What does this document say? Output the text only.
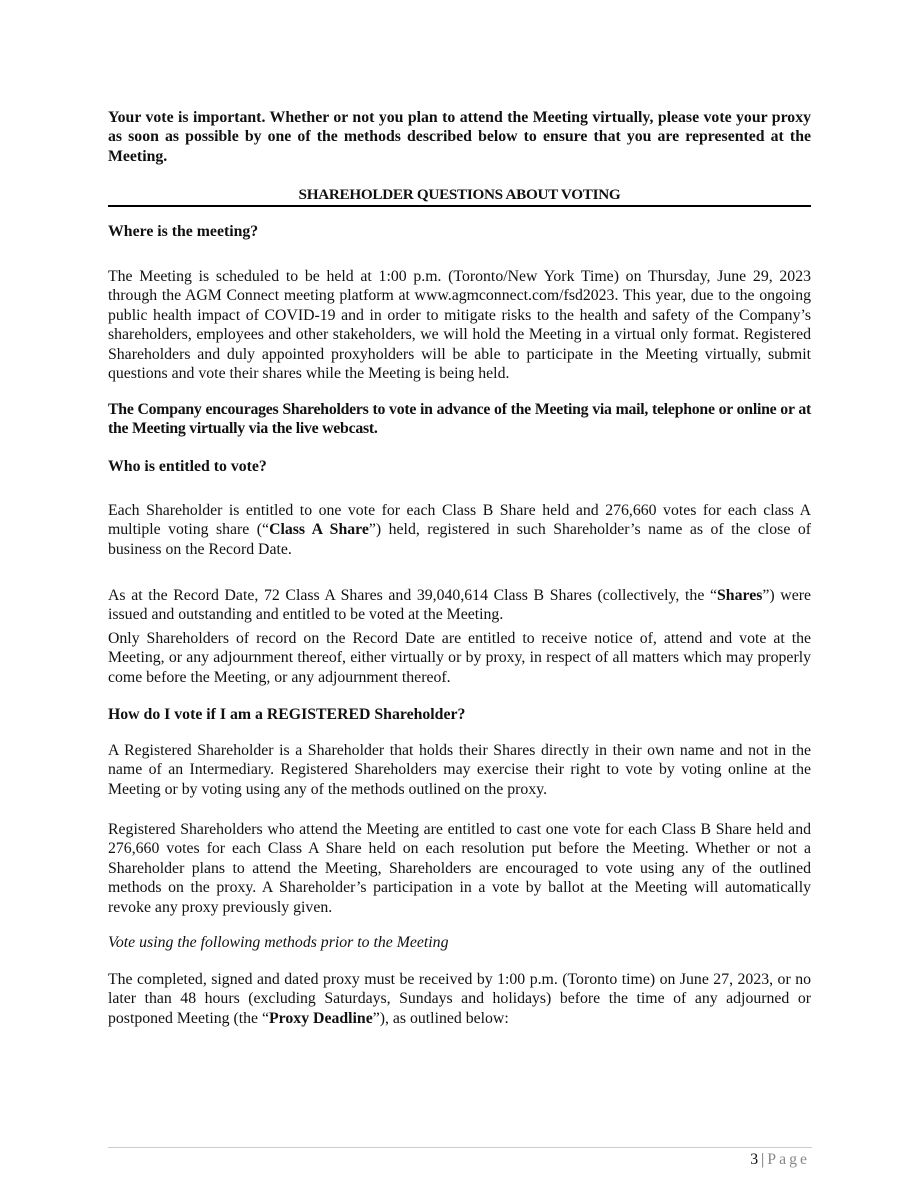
Your vote is important. Whether or not you plan to attend the Meeting virtually, please vote your proxy as soon as possible by one of the methods described below to ensure that you are represented at the Meeting.

SHAREHOLDER QUESTIONS ABOUT VOTING

Where is the meeting?

The Meeting is scheduled to be held at 1:00 p.m. (Toronto/New York Time) on Thursday, June 29, 2023 through the AGM Connect meeting platform at www.agmconnect.com/fsd2023. This year, due to the ongoing public health impact of COVID-19 and in order to mitigate risks to the health and safety of the Company’s shareholders, employees and other stakeholders, we will hold the Meeting in a virtual only format. Registered Shareholders and duly appointed proxyholders will be able to participate in the Meeting virtually, submit questions and vote their shares while the Meeting is being held.

The Company encourages Shareholders to vote in advance of the Meeting via mail, telephone or online or at the Meeting virtually via the live webcast.

Who is entitled to vote?

Each Shareholder is entitled to one vote for each Class B Share held and 276,660 votes for each class A multiple voting share (“Class A Share”) held, registered in such Shareholder’s name as of the close of business on the Record Date.

As at the Record Date, 72 Class A Shares and 39,040,614 Class B Shares (collectively, the “Shares”) were issued and outstanding and entitled to be voted at the Meeting.

Only Shareholders of record on the Record Date are entitled to receive notice of, attend and vote at the Meeting, or any adjournment thereof, either virtually or by proxy, in respect of all matters which may properly come before the Meeting, or any adjournment thereof.

How do I vote if I am a REGISTERED Shareholder?

A Registered Shareholder is a Shareholder that holds their Shares directly in their own name and not in the name of an Intermediary. Registered Shareholders may exercise their right to vote by voting online at the Meeting or by voting using any of the methods outlined on the proxy.

Registered Shareholders who attend the Meeting are entitled to cast one vote for each Class B Share held and 276,660 votes for each Class A Share held on each resolution put before the Meeting. Whether or not a Shareholder plans to attend the Meeting, Shareholders are encouraged to vote using any of the outlined methods on the proxy. A Shareholder’s participation in a vote by ballot at the Meeting will automatically revoke any proxy previously given.

Vote using the following methods prior to the Meeting

The completed, signed and dated proxy must be received by 1:00 p.m. (Toronto time) on June 27, 2023, or no later than 48 hours (excluding Saturdays, Sundays and holidays) before the time of any adjourned or postponed Meeting (the “Proxy Deadline”), as outlined below:

3 | Page
